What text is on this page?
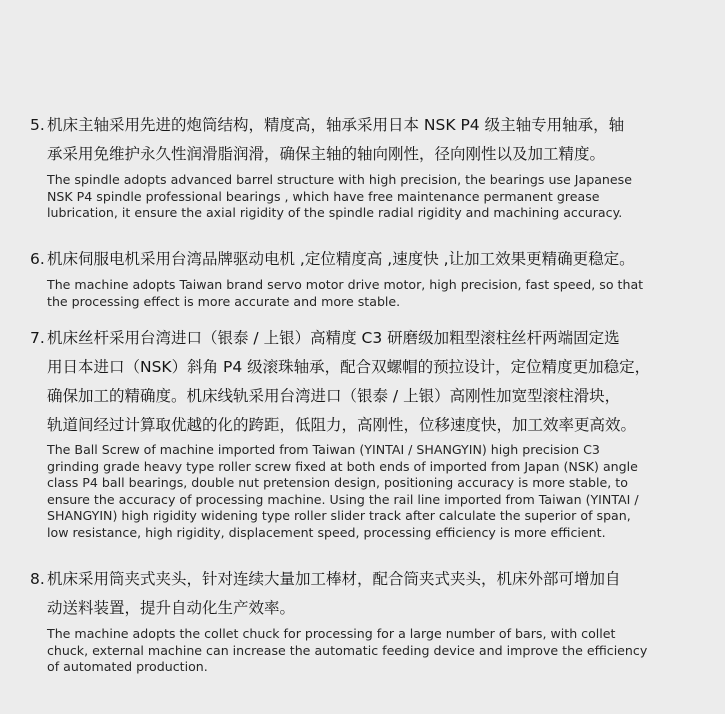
5. 机床主轴采用先进的炮筒结构，精度高，轴承采用日本 NSK P4 级主轴专用轴承，轴
承采用免维护永久性润滑脂润滑，确保主轴的轴向刚性，径向刚性以及加工精度。
The spindle adopts advanced barrel structure with high precision, the bearings use Japanese
NSK P4 spindle professional bearings , which have free maintenance permanent grease
lubrication, it ensure the axial rigidity of the spindle radial rigidity and machining accuracy.
6. 机床伺服电机采用台湾品牌驱动电机 ,定位精度高 ,速度快 ,让加工效果更精确更稳定。
The machine adopts Taiwan brand servo motor drive motor, high precision, fast speed, so that
the processing effect is more accurate and more stable.
7. 机床丝杆采用台湾进口（银泰 / 上银）高精度 C3 研磨级加粗型滚柱丝杆两端固定选
用日本进口（NSK）斜角 P4 级滚珠轴承，配合双螺帽的预拉设计，定位精度更加稳定，
确保加工的精确度。机床线轨采用台湾进口（银泰 / 上银）高刚性加宽型滚柱滑块，
轨道间经过计算取优越的化的跨距，低阻力，高刚性，位移速度快，加工效率更高效。
The Ball Screw of machine imported from Taiwan (YINTAI / SHANGYIN) high precision C3
grinding grade heavy type roller screw fixed at both ends of imported from Japan (NSK) angle
class P4 ball bearings, double nut pretension design, positioning accuracy is more stable, to
ensure the accuracy of processing machine. Using the rail line imported from Taiwan (YINTAI /
SHANGYIN) high rigidity widening type roller slider track after calculate the superior of span,
low resistance, high rigidity, displacement speed, processing efficiency is more efficient.
8. 机床采用筒夹式夹头，针对连续大量加工棒材，配合筒夹式夹头，机床外部可增加自
动送料装置，提升自动化生产效率。
The machine adopts the collet chuck for processing for a large number of bars, with collet
chuck, external machine can increase the automatic feeding device and improve the efficiency
of automated production.
